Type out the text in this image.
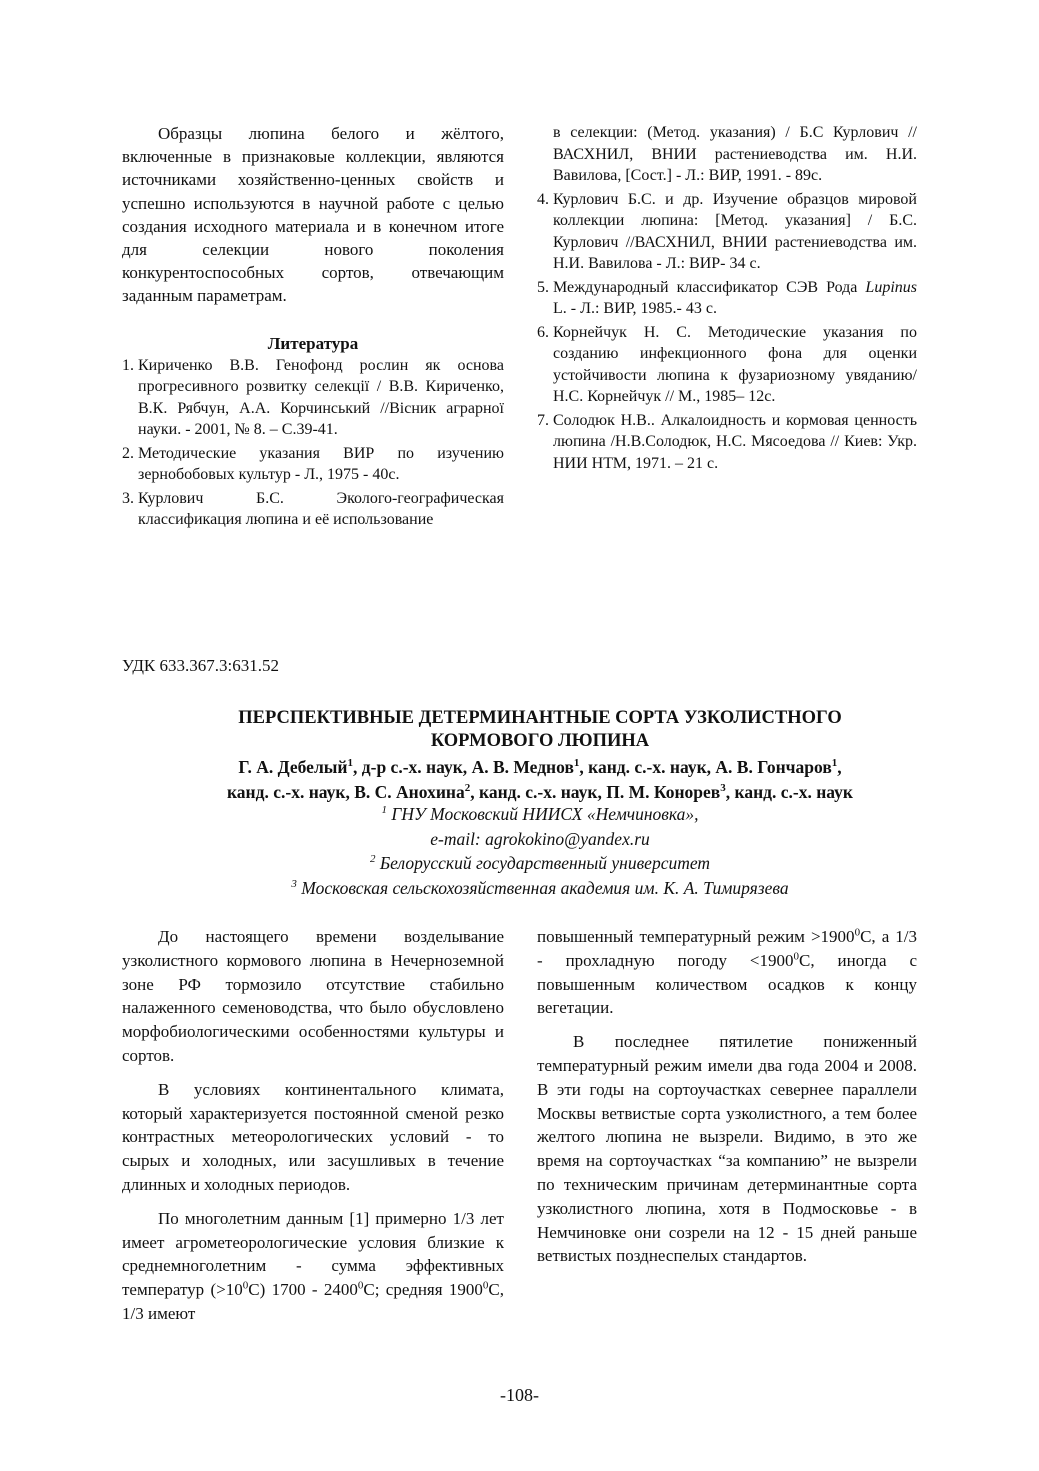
Образцы люпина белого и жёлтого, включенные в признаковые коллекции, являются источниками хозяйственно-ценных свойств и успешно используются в научной работе с целью создания исходного материала и в конечном итоге для селекции нового поколения конкурентоспособных сортов, отвечающим заданным параметрам.

Литература

1. Кириченко В.В. Генофонд рослин як основа прогресивного розвитку селекції / В.В. Кириченко, В.К. Рябчун, А.А. Корчинський //Вісник аграрної науки. - 2001, № 8. – С.39-41.
2. Методические указания ВИР по изучению зернобобовых культур - Л., 1975 - 40с.
3. Курлович Б.С. Эколого-географическая классификация люпина и её использование
в селекции: (Метод. указания) / Б.С Курлович // ВАСХНИЛ, ВНИИ растениеводства им. Н.И. Вавилова, [Сост.] - Л.: ВИР, 1991. - 89с.
4. Курлович Б.С. и др. Изучение образцов мировой коллекции люпина: [Метод. указания] / Б.С. Курлович //ВАСХНИЛ, ВНИИ растениеводства им. Н.И. Вавилова - Л.: ВИР- 34 с.
5. Международный классификатор СЭВ Рода Lupinus L. - Л.: ВИР, 1985.- 43 с.
6. Корнейчук Н. С. Методические указания по созданию инфекционного фона для оценки устойчивости люпина к фузариозному увяданию/ Н.С. Корнейчук // М., 1985– 12с.
7. Солодюк Н.В.. Алкалоидность и кормовая ценность люпина /Н.В.Солодюк, Н.С. Мясоедова // Киев: Укр. НИИ НТМ, 1971. – 21 с.
УДК 633.367.3:631.52
ПЕРСПЕКТИВНЫЕ ДЕТЕРМИНАНТНЫЕ СОРТА УЗКОЛИСТНОГО
КОРМОВОГО ЛЮПИНА
Г. А. Дебелый$^1$, д-р с.-х. наук, А. В. Меднов$^1$, канд. с.-х. наук, А. В. Гончаров$^1$,
канд. с.-х. наук, В. С. Анохина$^2$, канд. с.-х. наук, П. М. Конорев$^3$, канд. с.-х. наук
$^1$ ГНУ Московский НИИСХ «Немчиновка»,
e-mail: agrokokino@yandex.ru
$^2$ Белорусский государственный университет
$^3$ Московская сельскохозяйственная академия им. К. А. Тимирязева

До настоящего времени возделывание узколистного кормового люпина в Нечерноземной зоне РФ тормозило отсутствие стабильно налаженного семеноводства, что было обусловлено морфобиологическими особенностями культуры и сортов.

В условиях континентального климата, который характеризуется постоянной сменой резко контрастных метеорологических условий - то сырых и холодных, или засушливых в течение длинных и холодных периодов.

По многолетним данным [1] примерно 1/3 лет имеет агрометеорологические условия близкие к среднемноголетним - сумма эффективных температур $(>10^0С)$ 1700 - 2400$^0$С; средняя 1900$^0$С, 1/3 имеют

повышенный температурный режим $>1900^0С$, а 1/3 - прохладную погоду $<1900^0С$, иногда с повышенным количеством осадков к концу вегетации.

В последнее пятилетие пониженный температурный режим имели два года 2004 и 2008. В эти годы на сортоучастках севернее параллели Москвы ветвистые сорта узколистного, а тем более желтого люпина не вызрели. Видимо, в это же время на сортоучастках “за компанию” не вызрели по техническим причинам детерминантные сорта узколистного люпина, хотя в Подмосковье - в Немчиновке они созрели на 12 - 15 дней раньше ветвистых позднеспелых стандартов.

-108-
